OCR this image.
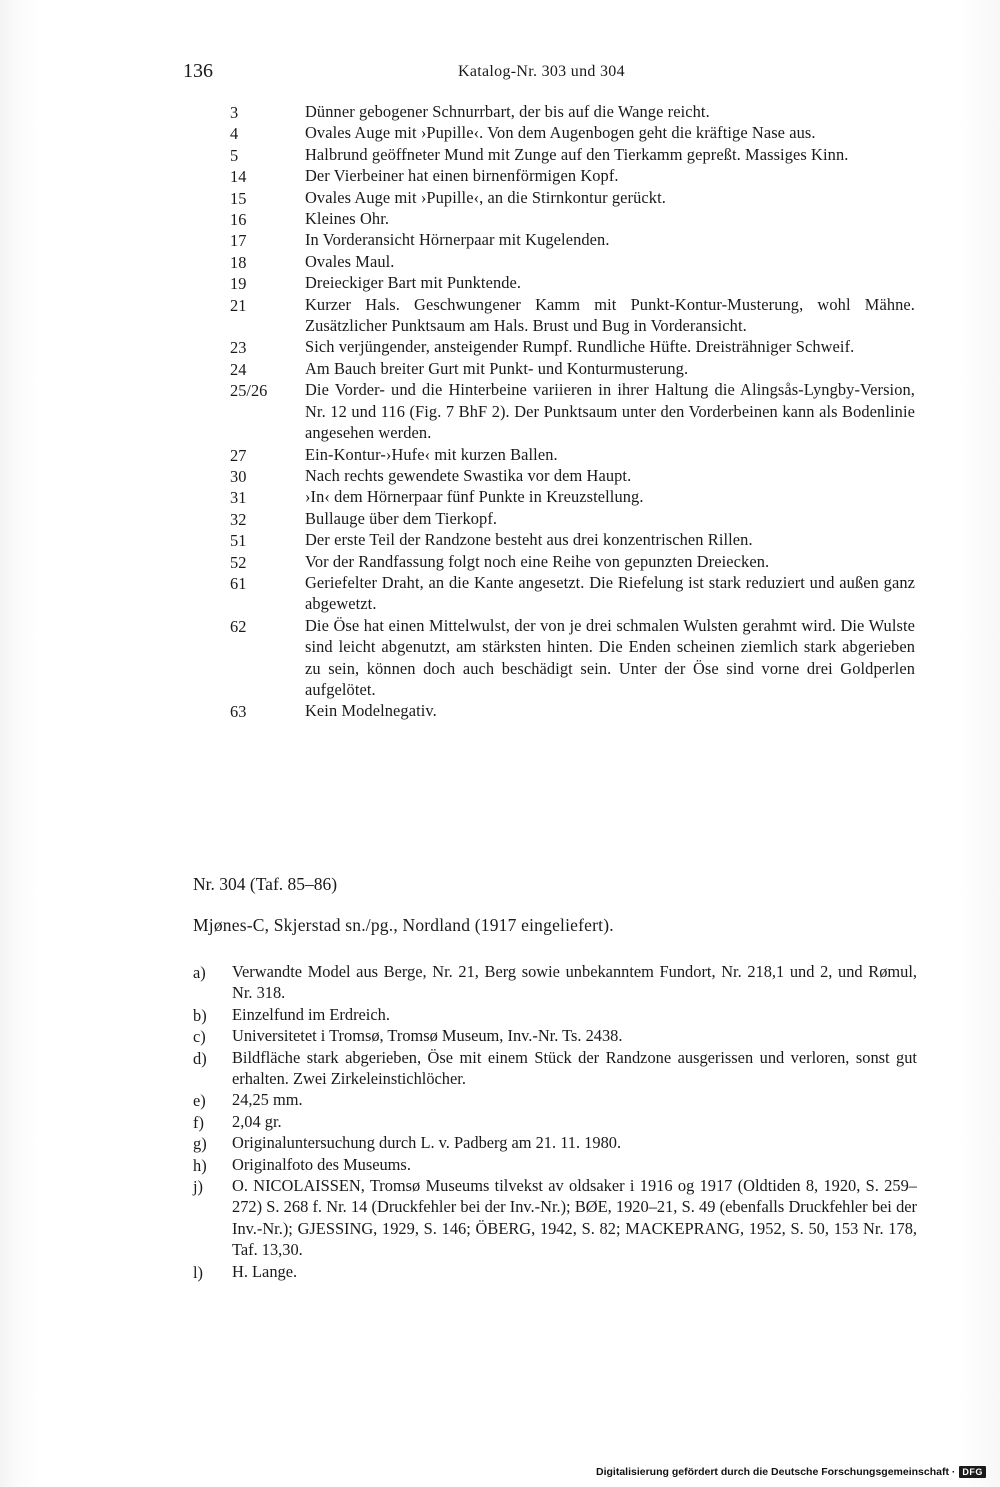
136	Katalog-Nr. 303 und 304
3	Dünner gebogener Schnurrbart, der bis auf die Wange reicht.
4	Ovales Auge mit ›Pupille‹. Von dem Augenbogen geht die kräftige Nase aus.
5	Halbrund geöffneter Mund mit Zunge auf den Tierkamm gepreßt. Massiges Kinn.
14	Der Vierbeiner hat einen birnenförmigen Kopf.
15	Ovales Auge mit ›Pupille‹, an die Stirnkontur gerückt.
16	Kleines Ohr.
17	In Vorderansicht Hörnerpaar mit Kugelenden.
18	Ovales Maul.
19	Dreieckiger Bart mit Punktende.
21	Kurzer Hals. Geschwungener Kamm mit Punkt-Kontur-Musterung, wohl Mähne. Zusätzlicher Punktsaum am Hals. Brust und Bug in Vorderansicht.
23	Sich verjüngender, ansteigender Rumpf. Rundliche Hüfte. Dreisträhniger Schweif.
24	Am Bauch breiter Gurt mit Punkt- und Konturmusterung.
25/26 Die Vorder- und die Hinterbeine variieren in ihrer Haltung die Alingsås-Lyngby-Version, Nr. 12 und 116 (Fig. 7 BhF 2). Der Punktsaum unter den Vorderbeinen kann als Bodenlinie angesehen werden.
27	Ein-Kontur-›Hufe‹ mit kurzen Ballen.
30	Nach rechts gewendete Swastika vor dem Haupt.
31	›In‹ dem Hörnerpaar fünf Punkte in Kreuzstellung.
32	Bullauge über dem Tierkopf.
51	Der erste Teil der Randzone besteht aus drei konzentrischen Rillen.
52	Vor der Randfassung folgt noch eine Reihe von gepunzten Dreiecken.
61	Geriefelter Draht, an die Kante angesetzt. Die Riefelung ist stark reduziert und außen ganz abgewetzt.
62	Die Öse hat einen Mittelwulst, der von je drei schmalen Wulsten gerahmt wird. Die Wulste sind leicht abgenutzt, am stärksten hinten. Die Enden scheinen ziemlich stark abgerieben zu sein, können doch auch beschädigt sein. Unter der Öse sind vorne drei Goldperlen aufgelötet.
63	Kein Modelnegativ.
Nr. 304 (Taf. 85–86)
Mjønes-C, Skjerstad sn./pg., Nordland (1917 eingeliefert).
a) Verwandte Model aus Berge, Nr. 21, Berg sowie unbekanntem Fundort, Nr. 218,1 und 2, und Rømul, Nr. 318.
b) Einzelfund im Erdreich.
c) Universitetet i Tromsø, Tromsø Museum, Inv.-Nr. Ts. 2438.
d) Bildfläche stark abgerieben, Öse mit einem Stück der Randzone ausgerissen und verloren, sonst gut erhalten. Zwei Zirkeleinstichlöcher.
e) 24,25 mm.
f) 2,04 gr.
g) Originaluntersuchung durch L. v. Padberg am 21. 11. 1980.
h) Originalfoto des Museums.
j) O. NICOLAISSEN, Tromsø Museums tilvekst av oldsaker i 1916 og 1917 (Oldtiden 8, 1920, S. 259–272) S. 268 f. Nr. 14 (Druckfehler bei der Inv.-Nr.); BØE, 1920–21, S. 49 (ebenfalls Druckfehler bei der Inv.-Nr.); GJESSING, 1929, S. 146; ÖBERG, 1942, S. 82; MACKEPRANG, 1952, S. 50, 153 Nr. 178, Taf. 13,30.
l) H. Lange.
Digitalisierung gefördert durch die Deutsche Forschungsgemeinschaft · DFG
